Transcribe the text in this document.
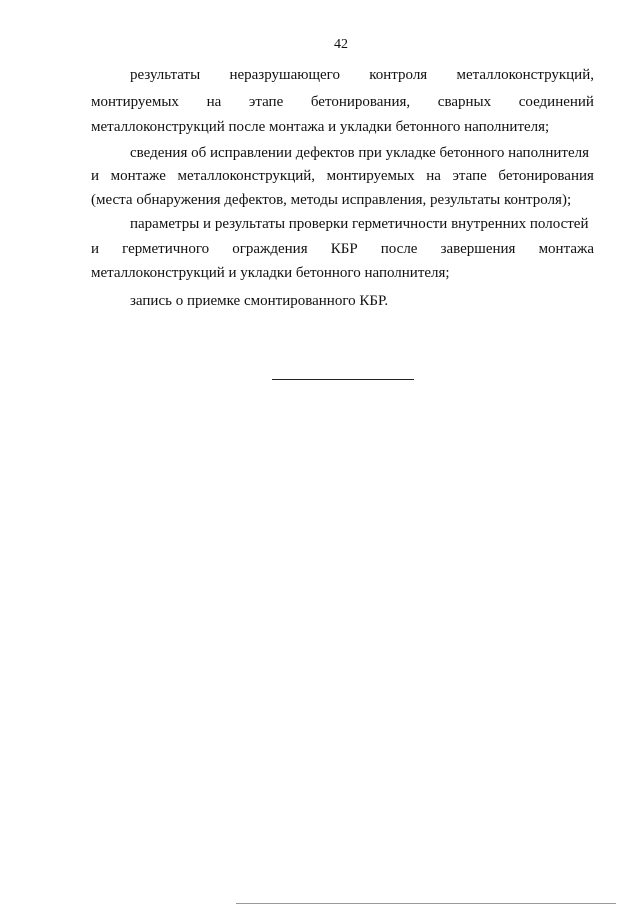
42
результаты неразрушающего контроля металлоконструкций,
монтируемых на этапе бетонирования, сварных соединений
металлоконструкций после монтажа и укладки бетонного наполнителя;
сведения об исправлении дефектов при укладке бетонного наполнителя
и монтаже металлоконструкций, монтируемых на этапе бетонирования
(места обнаружения дефектов, методы исправления, результаты контроля);
параметры и результаты проверки герметичности внутренних полостей
и герметичного ограждения КБР после завершения монтажа
металлоконструкций и укладки бетонного наполнителя;
запись о приемке смонтированного КБР.
